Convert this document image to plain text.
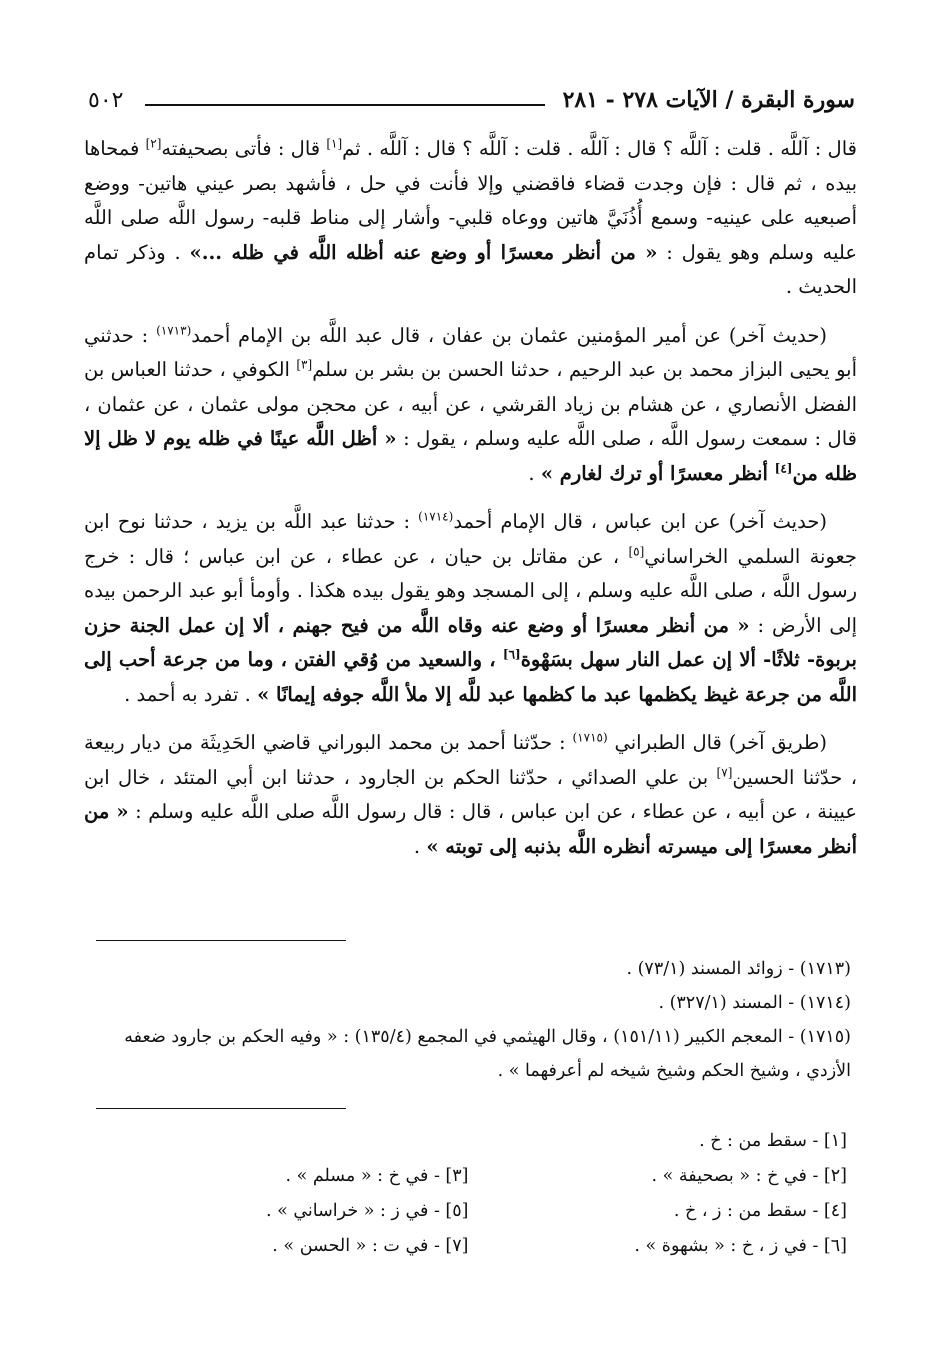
سورة البقرة / الآيات ٢٧٨ - ٢٨١
٥٠٢

قال : آللَّه . قلت : آللَّه ؟ قال : آللَّه . قلت : آللَّه ؟ قال : آللَّه . ثم[١] قال : فأتى بصحيفته[٢] فمحاها بيده ، ثم قال : فإن وجدت قضاء فاقضني وإلا فأنت في حل ، فأشهد بصر عيني هاتين- ووضع أصبعيه على عينيه- وسمع أُذُنَيَّ هاتين ووعاه قلبي- وأشار إلى مناط قلبه- رسول اللَّه صلى اللَّه عليه وسلم وهو يقول : « من أنظر معسرًا أو وضع عنه أظله اللَّه في ظله ...» . وذكر تمام الحديث .

(حديث آخر) عن أمير المؤمنين عثمان بن عفان ، قال عبد اللَّه بن الإمام أحمد$^{(١٧١٣)}$ : حدثني أبو يحيى البزاز محمد بن عبد الرحيم ، حدثنا الحسن بن بشر بن سلم[٣] الكوفي ، حدثنا العباس بن الفضل الأنصاري ، عن هشام بن زياد القرشي ، عن أبيه ، عن محجن مولى عثمان ، عن عثمان ، قال : سمعت رسول اللَّه ، صلى اللَّه عليه وسلم ، يقول : « أظل اللَّه عينًا في ظله يوم لا ظل إلا ظله من[٤] أنظر معسرًا أو ترك لغارم » .

(حديث آخر) عن ابن عباس ، قال الإمام أحمد$^{(١٧١٤)}$ : حدثنا عبد اللَّه بن يزيد ، حدثنا نوح ابن جعونة السلمي الخراساني[٥] ، عن مقاتل بن حيان ، عن عطاء ، عن ابن عباس ؛ قال : خرج رسول اللَّه ، صلى اللَّه عليه وسلم ، إلى المسجد وهو يقول بيده هكذا . وأومأ أبو عبد الرحمن بيده إلى الأرض : « من أنظر معسرًا أو وضع عنه وقاه اللَّه من فيح جهنم ، ألا إن عمل الجنة حزن بربوة- ثلاثًا- ألا إن عمل النار سهل بسَهْوة[٦] ، والسعيد من وُقي الفتن ، وما من جرعة أحب إلى اللَّه من جرعة غيظ يكظمها عبد ما كظمها عبد للَّه إلا ملأ اللَّه جوفه إيمانًا » . تفرد به أحمد .

(طريق آخر) قال الطبراني $^{(١٧١٥)}$ : حدّثنا أحمد بن محمد البوراني قاضي الحَدِيثَة من ديار ربيعة ، حدّثنا الحسين[٧] بن علي الصدائي ، حدّثنا الحكم بن الجارود ، حدثنا ابن أبي المتئد ، خال ابن عيينة ، عن أبيه ، عن عطاء ، عن ابن عباس ، قال : قال رسول اللَّه صلى اللَّه عليه وسلم : « من أنظر معسرًا إلى ميسرته أنظره اللَّه بذنبه إلى توبته » .

(١٧١٣) - زوائد المسند (٧٣/١) .

(١٧١٤) - المسند (٣٢٧/١) .

(١٧١٥) - المعجم الكبير (١٥١/١١) ، وقال الهيثمي في المجمع (١٣٥/٤) : « وفيه الحكم بن جارود ضعفه الأزدي ، وشيخ الحكم وشيخ شيخه لم أعرفهما » .

[١] - سقط من : خ .
[٢] - في خ : « بصحيفة » .
[٣] - في خ : « مسلم » .
[٤] - سقط من : ز ، خ .
[٥] - في ز : « خراساني » .
[٦] - في ز ، خ : « بشهوة » .
[٧] - في ت : « الحسن » .
